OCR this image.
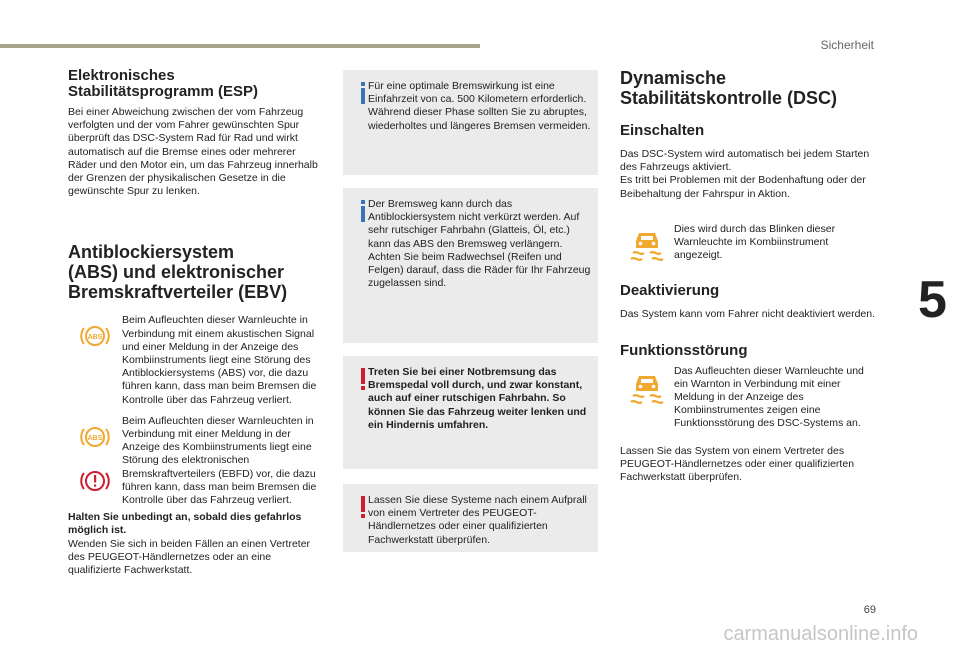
Sicherheit
5
69
carmanualsonline.info
Elektronisches
Stabilitätsprogramm (ESP)

Bei einer Abweichung zwischen der vom Fahrzeug verfolgten und der vom Fahrer gewünschten Spur überprüft das DSC-System Rad für Rad und wirkt automatisch auf die Bremse eines oder mehrerer Räder und den Motor ein, um das Fahrzeug innerhalb der Grenzen der physikalischen Gesetze in die gewünschte Spur zu lenken.

Antiblockiersystem
(ABS) und elektronischer
Bremskraftverteiler (EBV)
ABS

Beim Aufleuchten dieser Warnleuchte in Verbindung mit einem akustischen Signal und einer Meldung in der Anzeige des Kombiinstruments liegt eine Störung des Antiblockiersystems (ABS) vor, die dazu führen kann, dass man beim Bremsen die Kontrolle über das Fahrzeug verliert.

ABS

Beim Aufleuchten dieser Warnleuchten in Verbindung mit einer Meldung in der Anzeige des Kombiinstruments liegt eine Störung des elektronischen Bremskraftverteilers (EBFD) vor, die dazu führen kann, dass man beim Bremsen die Kontrolle über das Fahrzeug verliert.

Halten Sie unbedingt an, sobald dies gefahrlos möglich ist.

Wenden Sie sich in beiden Fällen an einen Vertreter des PEUGEOT-Händlernetzes oder an eine qualifizierte Fachwerkstatt.

Für eine optimale Bremswirkung ist eine Einfahrzeit von ca. 500 Kilometern erforderlich. Während dieser Phase sollten Sie zu abruptes, wiederholtes und längeres Bremsen vermeiden.

Der Bremsweg kann durch das Antiblockiersystem nicht verkürzt werden. Auf sehr rutschiger Fahrbahn (Glatteis, Öl, etc.) kann das ABS den Bremsweg verlängern. Achten Sie beim Radwechsel (Reifen und Felgen) darauf, dass die Räder für Ihr Fahrzeug zugelassen sind.

Treten Sie bei einer Notbremsung das Bremspedal voll durch, und zwar konstant, auch auf einer rutschigen Fahrbahn. So können Sie das Fahrzeug weiter lenken und ein Hindernis umfahren.

Lassen Sie diese Systeme nach einem Aufprall von einem Vertreter des PEUGEOT-Händlernetzes oder einer qualifizierten Fachwerkstatt überprüfen.

Dynamische
Stabilitätskontrolle (DSC)
Einschalten

Das DSC-System wird automatisch bei jedem Starten des Fahrzeugs aktiviert.
Es tritt bei Problemen mit der Bodenhaftung oder der Beibehaltung der Fahrspur in Aktion.

Dies wird durch das Blinken dieser Warnleuchte im Kombiinstrument angezeigt.

Deaktivierung

Das System kann vom Fahrer nicht deaktiviert werden.

Funktionsstörung

Das Aufleuchten dieser Warnleuchte und ein Warnton in Verbindung mit einer Meldung in der Anzeige des Kombiinstrumentes zeigen eine Funktionsstörung des DSC-Systems an.

Lassen Sie das System von einem Vertreter des PEUGEOT-Händlernetzes oder einer qualifizierten Fachwerkstatt überprüfen.
